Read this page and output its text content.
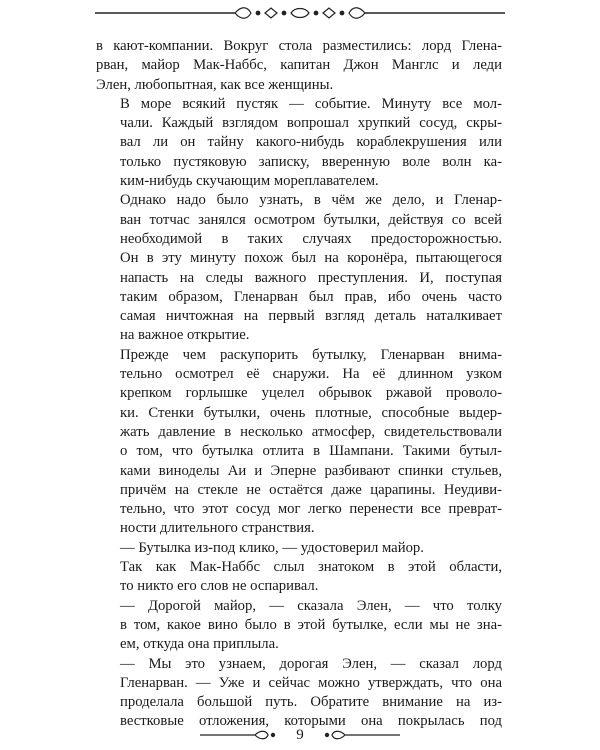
в кают-компании. Вокруг стола разместились: лорд Глена-
рван, майор Мак-Наббс, капитан Джон Манглс и леди
Элен, любопытная, как все женщины.

В море всякий пустяк — событие. Минуту все мол-
чали. Каждый взглядом вопрошал хрупкий сосуд, скры-
вал ли он тайну какого-нибудь кораблекрушения или
только пустяковую записку, вверенную воле волн ка-
ким-нибудь скучающим мореплавателем.

Однако надо было узнать, в чём же дело, и Гленар-
ван тотчас занялся осмотром бутылки, действуя со всей
необходимой в таких случаях предосторожностью.
Он в эту минуту похож был на коронёра, пытающегося
напасть на следы важного преступления. И, поступая
таким образом, Гленарван был прав, ибо очень часто
самая ничтожная на первый взгляд деталь наталкивает
на важное открытие.

Прежде чем раскупорить бутылку, Гленарван внима-
тельно осмотрел её снаружи. На её длинном узком
крепком горлышке уцелел обрывок ржавой проволо-
ки. Стенки бутылки, очень плотные, способные выдер-
жать давление в несколько атмосфер, свидетельствовали
о том, что бутылка отлита в Шампани. Такими бутыл-
ками виноделы Аи и Эперне разбивают спинки стульев,
причём на стекле не остаётся даже царапины. Неудиви-
тельно, что этот сосуд мог легко перенести все преврат-
ности длительного странствия.

— Бутылка из-под клико, — удостоверил майор.

Так как Мак-Наббс слыл знатоком в этой области,
то никто его слов не оспаривал.

— Дорогой майор, — сказала Элен, — что толку
в том, какое вино было в этой бутылке, если мы не зна-
ем, откуда она приплыла.

— Мы это узнаем, дорогая Элен, — сказал лорд
Гленарван. — Уже и сейчас можно утверждать, что она
проделала большой путь. Обратите внимание на из-
вестковые отложения, которыми она покрылась под

9
